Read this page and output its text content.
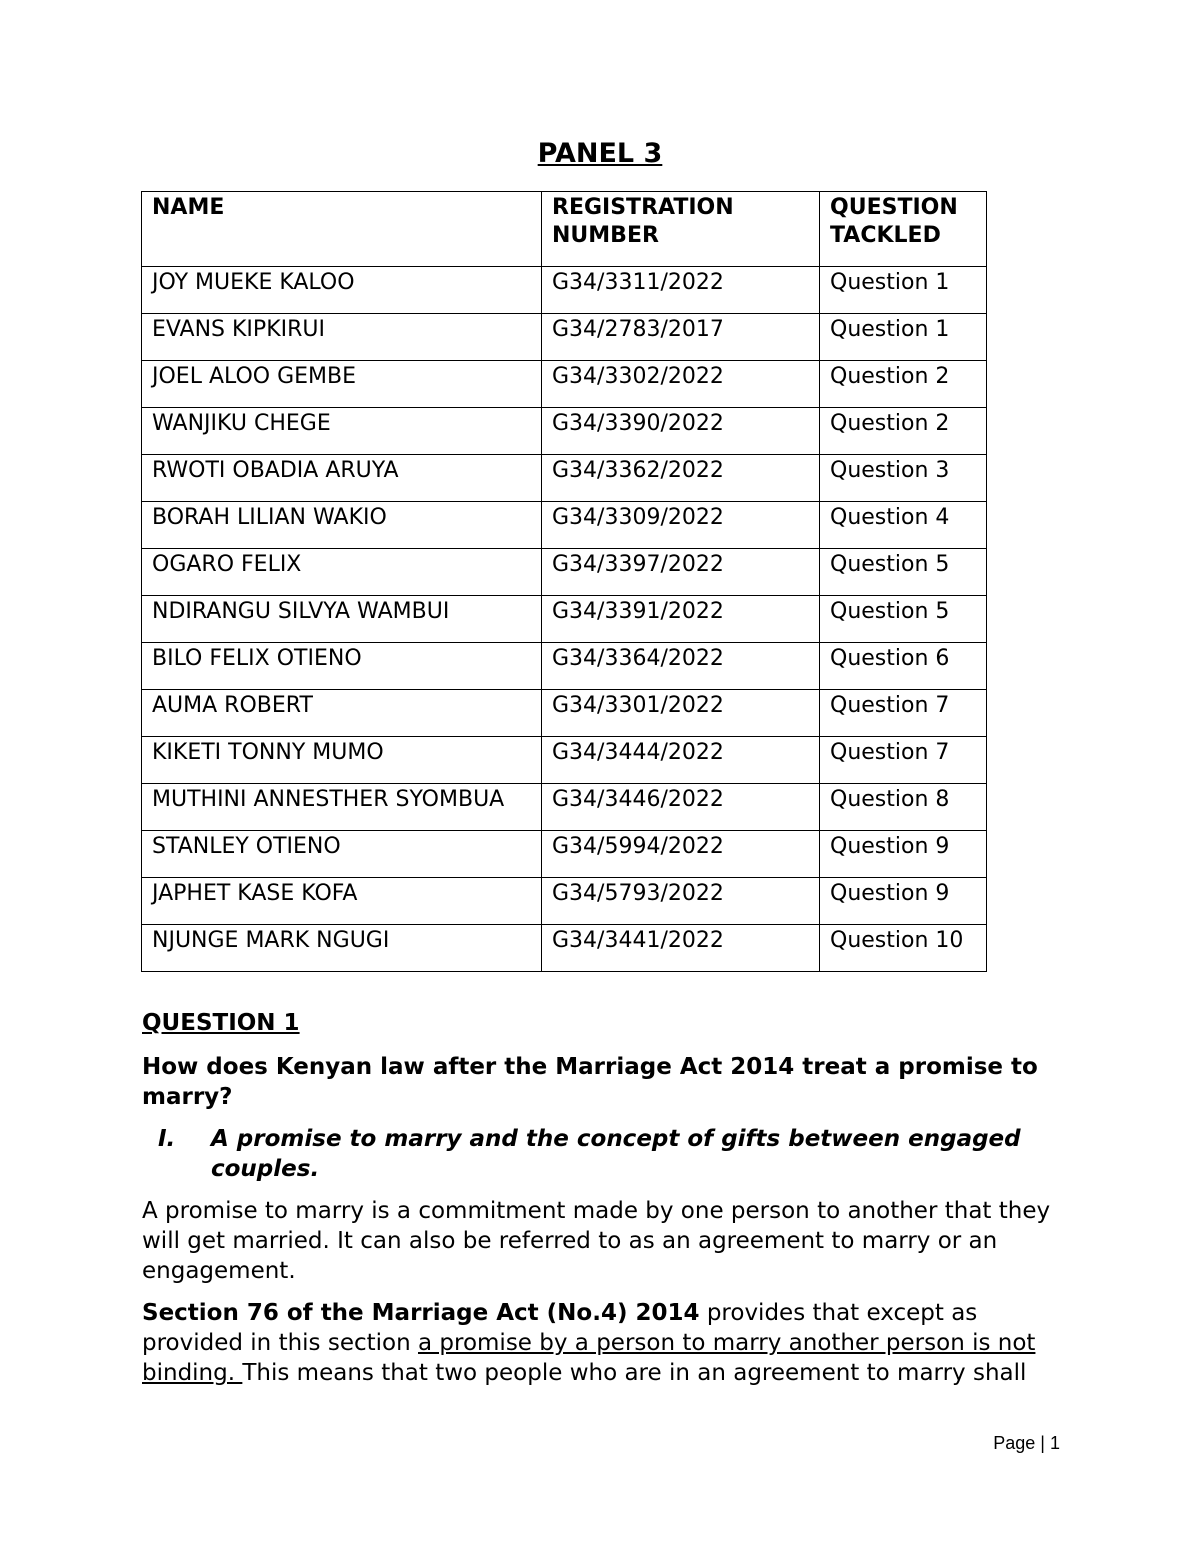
PANEL 3
NAME	REGISTRATION NUMBER	QUESTION TACKLED
JOY MUEKE KALOO	G34/3311/2022	Question 1
EVANS KIPKIRUI	G34/2783/2017	Question 1
JOEL ALOO GEMBE	G34/3302/2022	Question 2
WANJIKU CHEGE	G34/3390/2022	Question 2
RWOTI OBADIA ARUYA	G34/3362/2022	Question 3
BORAH LILIAN WAKIO	G34/3309/2022	Question 4
OGARO FELIX	G34/3397/2022	Question 5
NDIRANGU SILVYA WAMBUI	G34/3391/2022	Question 5
BILO FELIX OTIENO	G34/3364/2022	Question 6
AUMA ROBERT	G34/3301/2022	Question 7
KIKETI TONNY MUMO	G34/3444/2022	Question 7
MUTHINI ANNESTHER SYOMBUA	G34/3446/2022	Question 8
STANLEY OTIENO	G34/5994/2022	Question 9
JAPHET KASE KOFA	G34/5793/2022	Question 9
NJUNGE MARK NGUGI	G34/3441/2022	Question 10

QUESTION 1

How does Kenyan law after the Marriage Act 2014 treat a promise to marry?

I.	A promise to marry and the concept of gifts between engaged couples.

A promise to marry is a commitment made by one person to another that they will get married. It can also be referred to as an agreement to marry or an engagement.

Section 76 of the Marriage Act (No.4) 2014 provides that except as provided in this section a promise by a person to marry another person is not binding. This means that two people who are in an agreement to marry shall

Page | 1
